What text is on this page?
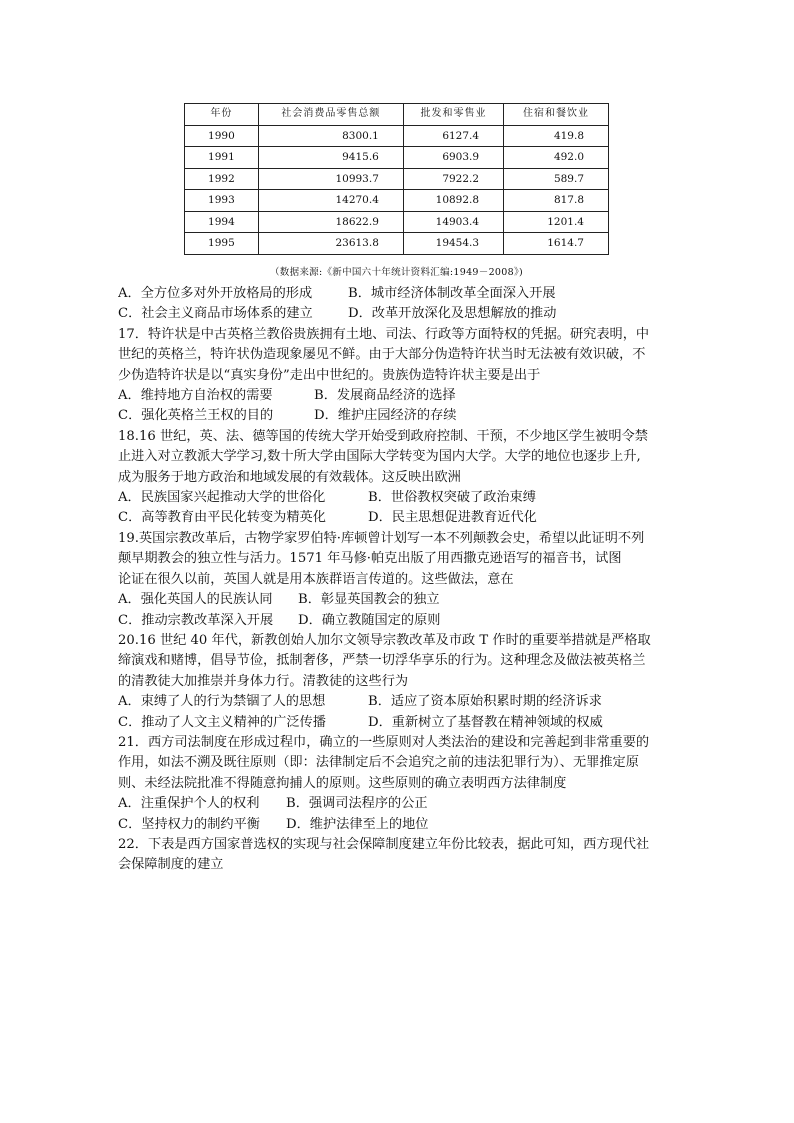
年份	社会消费品零售总额	批发和零售业	住宿和餐饮业
1990	8300.1	6127.4	419.8
1991	9415.6	6903.9	492.0
1992	10993.7	7922.2	589.7
1993	14270.4	10892.8	817.8
1994	18622.9	14903.4	1201.4
1995	23613.8	19454.3	1614.7
（数据来源:《新中国六十年统计资料汇编:1949－2008》)
A．全方位多对外开放格局的形成	B．城市经济体制改革全面深入开展
C．社会主义商品市场体系的建立	D．改革开放深化及思想解放的推动
17．特许状是中古英格兰教俗贵族拥有土地、司法、行政等方面特权的凭据。研究表明，中
世纪的英格兰，特许状伪造现象屡见不鲜。由于大部分伪造特许状当时无法被有效识破，不
少伪造特许状是以“真实身份”走出中世纪的。贵族伪造特许状主要是出于
A．维持地方自治权的需要	B．发展商品经济的选择
C．强化英格兰王权的目的	D．维护庄园经济的存续
18.16 世纪，英、法、德等国的传统大学开始受到政府控制、干预，不少地区学生被明令禁
止进入对立教派大学学习,数十所大学由国际大学转变为国内大学。大学的地位也逐步上升,
成为服务于地方政治和地域发展的有效载体。这反映出欧洲
A．民族国家兴起推动大学的世俗化	B．世俗教权突破了政治束缚
C．高等教育由平民化转变为精英化	D．民主思想促进教育近代化
19.英国宗教改革后，古物学家罗伯特·库顿曾计划写一本不列颠教会史，希望以此证明不列
颠早期教会的独立性与活力。1571 年马修·帕克出版了用西撒克逊语写的福音书，试图
论证在很久以前，英国人就是用本族群语言传道的。这些做法，意在
A．强化英国人的民族认同 B．彰显英国教会的独立
C．推动宗教改革深入开展 D．确立教随国定的原则
20.16 世纪 40 年代，新教创始人加尔文领导宗教改革及市政 T 作时的重要举措就是严格取
缔演戏和赌博，倡导节俭，抵制奢侈，严禁一切浮华享乐的行为。这种理念及做法被英格兰
的清教徒大加推崇并身体力行。清教徒的这些行为
A．束缚了人的行为禁锢了人的思想	B．适应了资本原始积累时期的经济诉求
C．推动了人文主义精神的广泛传播	D．重新树立了基督教在精神领域的权威
21．西方司法制度在形成过程巾，确立的一些原则对人类法治的建设和完善起到非常重要的
作用，如法不溯及既往原则（即：法律制定后不会追究之前的违法犯罪行为）、无罪推定原
则、未经法院批准不得随意拘捕人的原则。这些原则的确立表明西方法律制度
A．注重保护个人的权利 B．强调司法程序的公正
C．坚持权力的制约平衡 D．维护法律至上的地位
22．下表是西方国家普选权的实现与社会保障制度建立年份比较表，据此可知，西方现代社
会保障制度的建立
